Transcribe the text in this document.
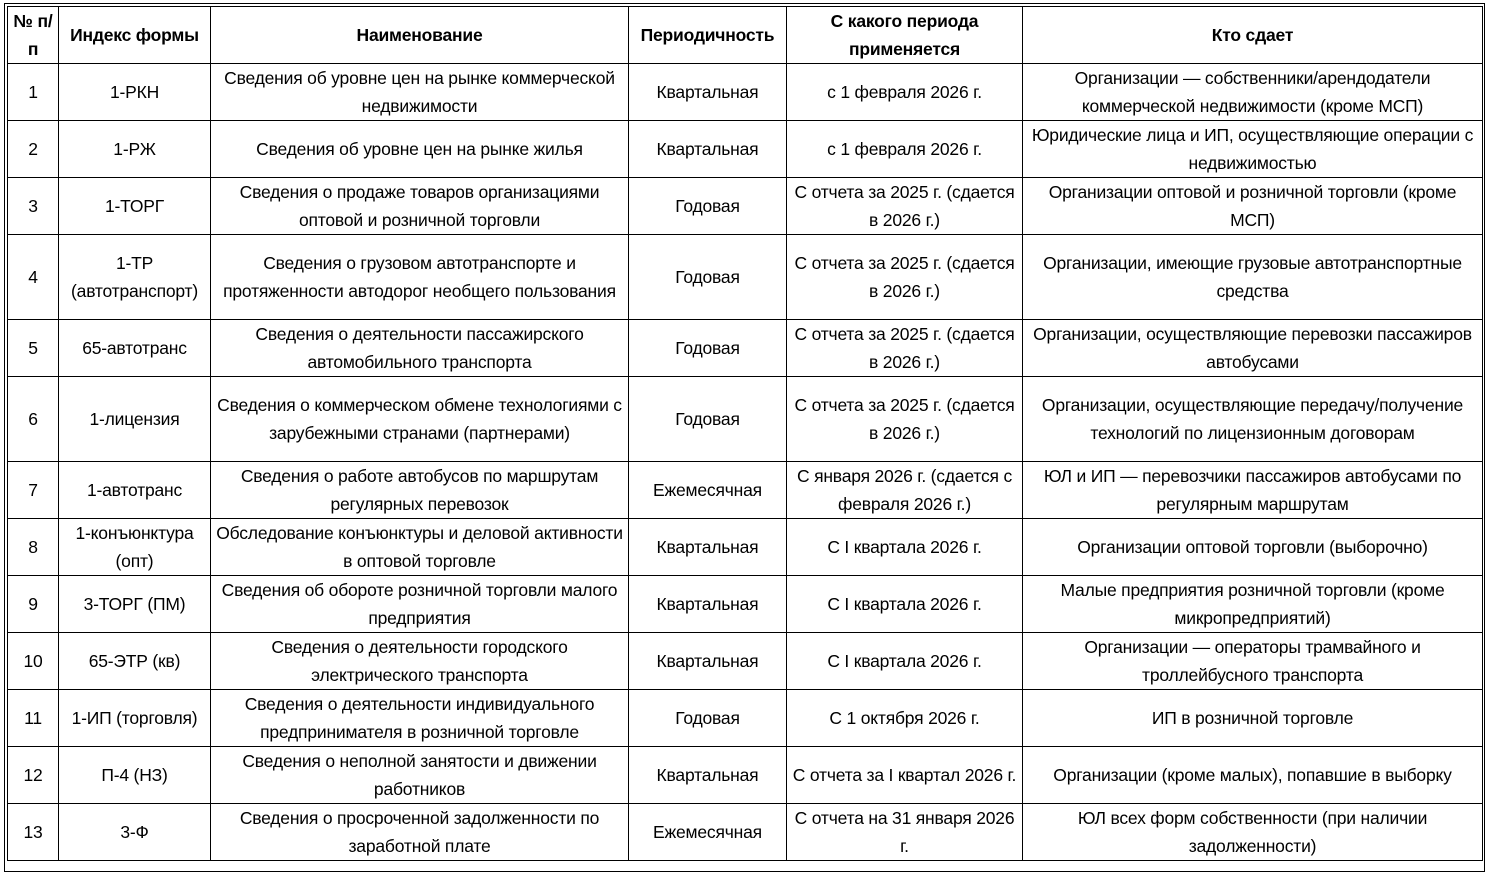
№ п/п	Индекс формы	Наименование	Периодичность	С какого периода применяется	Кто сдает
1	1-РКН	Сведения об уровне цен на рынке коммерческой недвижимости	Квартальная	с 1 февраля 2026 г.	Организации — собственники/арендодатели коммерческой недвижимости (кроме МСП)
2	1-РЖ	Сведения об уровне цен на рынке жилья	Квартальная	с 1 февраля 2026 г.	Юридические лица и ИП, осуществляющие операции с недвижимостью
3	1-ТОРГ	Сведения о продаже товаров организациями оптовой и розничной торговли	Годовая	С отчета за 2025 г. (сдается в 2026 г.)	Организации оптовой и розничной торговли (кроме МСП)
4	1-ТР (автотранспорт)	Сведения о грузовом автотранспорте и протяженности автодорог необщего пользования	Годовая	С отчета за 2025 г. (сдается в 2026 г.)	Организации, имеющие грузовые автотранспортные средства
5	65-автотранс	Сведения о деятельности пассажирского автомобильного транспорта	Годовая	С отчета за 2025 г. (сдается в 2026 г.)	Организации, осуществляющие перевозки пассажиров автобусами
6	1-лицензия	Сведения о коммерческом обмене технологиями с зарубежными странами (партнерами)	Годовая	С отчета за 2025 г. (сдается в 2026 г.)	Организации, осуществляющие передачу/получение технологий по лицензионным договорам
7	1-автотранс	Сведения о работе автобусов по маршрутам регулярных перевозок	Ежемесячная	С января 2026 г. (сдается с февраля 2026 г.)	ЮЛ и ИП — перевозчики пассажиров автобусами по регулярным маршрутам
8	1-конъюнктура (опт)	Обследование конъюнктуры и деловой активности в оптовой торговле	Квартальная	С I квартала 2026 г.	Организации оптовой торговли (выборочно)
9	3-ТОРГ (ПМ)	Сведения об обороте розничной торговли малого предприятия	Квартальная	С I квартала 2026 г.	Малые предприятия розничной торговли (кроме микропредприятий)
10	65-ЭТР (кв)	Сведения о деятельности городского электрического транспорта	Квартальная	С I квартала 2026 г.	Организации — операторы трамвайного и троллейбусного транспорта
11	1-ИП (торговля)	Сведения о деятельности индивидуального предпринимателя в розничной торговле	Годовая	С 1 октября 2026 г.	ИП в розничной торговле
12	П-4 (НЗ)	Сведения о неполной занятости и движении работников	Квартальная	С отчета за I квартал 2026 г.	Организации (кроме малых), попавшие в выборку
13	3-Ф	Сведения о просроченной задолженности по заработной плате	Ежемесячная	С отчета на 31 января 2026 г.	ЮЛ всех форм собственности (при наличии задолженности)
